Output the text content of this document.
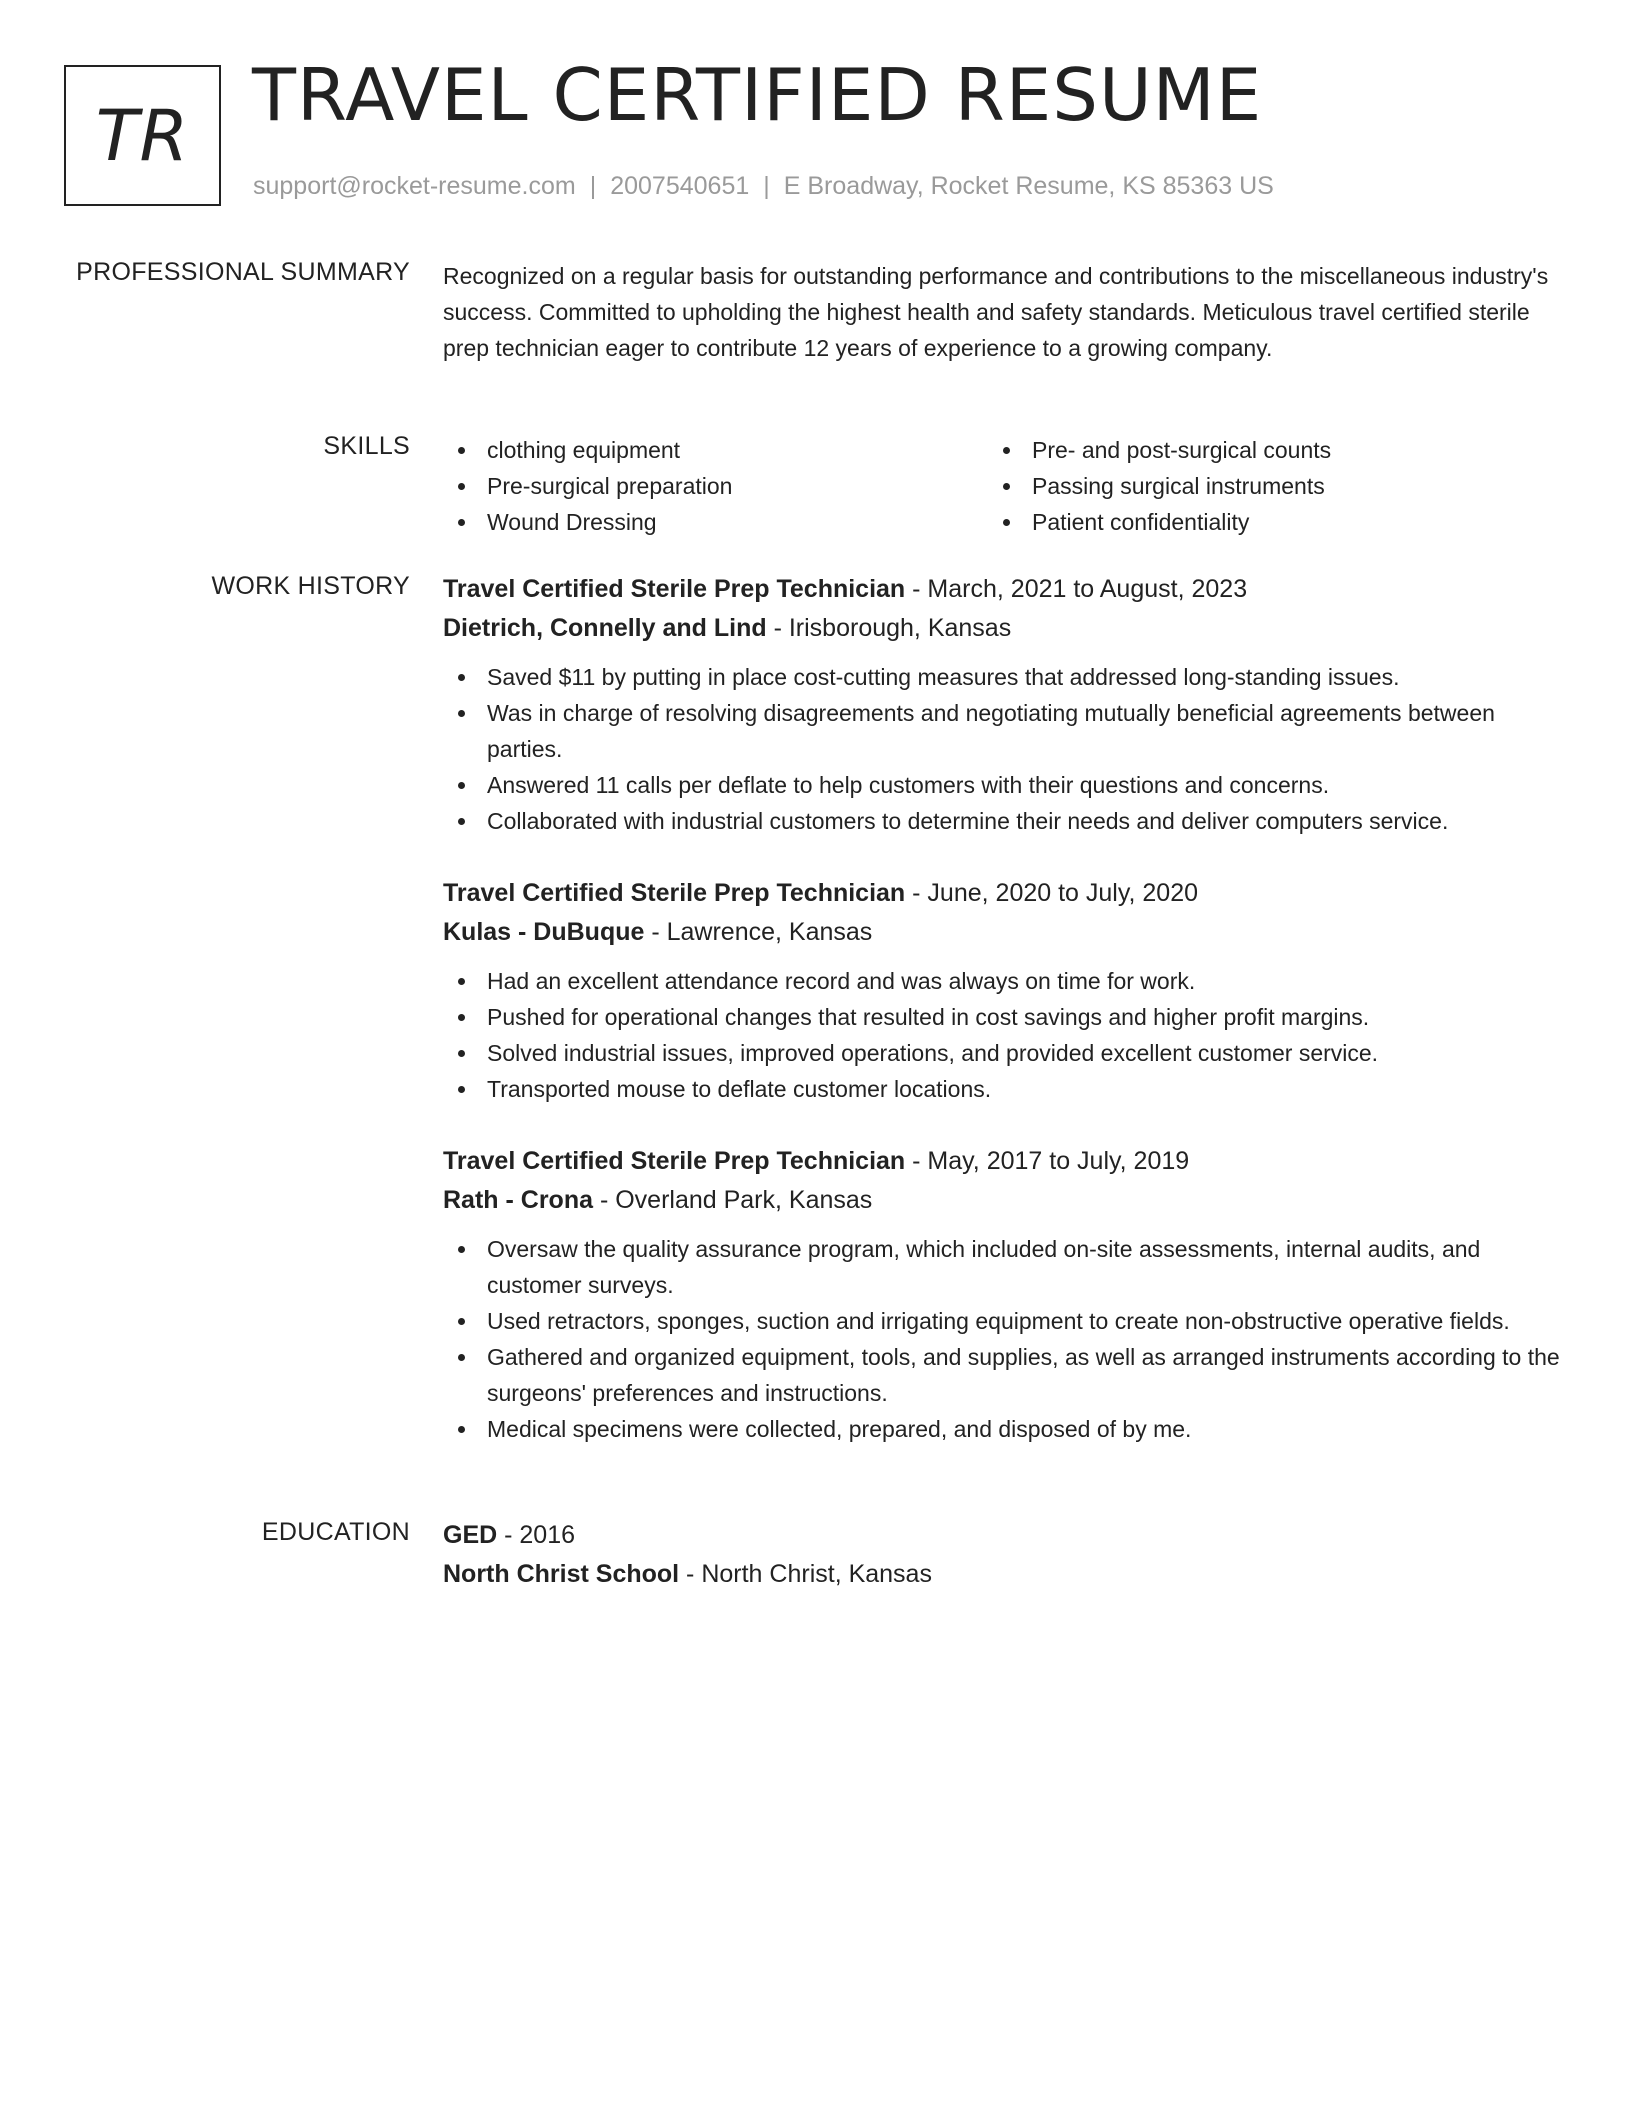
TR TRAVEL CERTIFIED RESUME
support@rocket-resume.com | 2007540651 | E Broadway, Rocket Resume, KS 85363 US
PROFESSIONAL SUMMARY Recognized on a regular basis for outstanding performance and contributions to the miscellaneous industry's success. Committed to upholding the highest health and safety standards. Meticulous travel certified sterile prep technician eager to contribute 12 years of experience to a growing company.

SKILLS	clothing equipment	Pre- and post-surgical counts
Pre-surgical preparation	Passing surgical instruments
Wound Dressing	Patient confidentiality
WORK HISTORY Travel Certified Sterile Prep Technician - March, 2021 to August, 2023
Dietrich, Connelly and Lind - Irisborough, Kansas
Saved $11 by putting in place cost-cutting measures that addressed long-standing issues.
Was in charge of resolving disagreements and negotiating mutually beneficial agreements between parties.
Answered 11 calls per deflate to help customers with their questions and concerns.
Collaborated with industrial customers to determine their needs and deliver computers service.
Travel Certified Sterile Prep Technician - June, 2020 to July, 2020
Kulas - DuBuque - Lawrence, Kansas
Had an excellent attendance record and was always on time for work.
Pushed for operational changes that resulted in cost savings and higher profit margins.
Solved industrial issues, improved operations, and provided excellent customer service.
Transported mouse to deflate customer locations.
Travel Certified Sterile Prep Technician - May, 2017 to July, 2019
Rath - Crona - Overland Park, Kansas
Oversaw the quality assurance program, which included on-site assessments, internal audits, and customer surveys.
Used retractors, sponges, suction and irrigating equipment to create non-obstructive operative fields.
Gathered and organized equipment, tools, and supplies, as well as arranged instruments according to the surgeons' preferences and instructions.
Medical specimens were collected, prepared, and disposed of by me.
EDUCATION GED - 2016
North Christ School - North Christ, Kansas
